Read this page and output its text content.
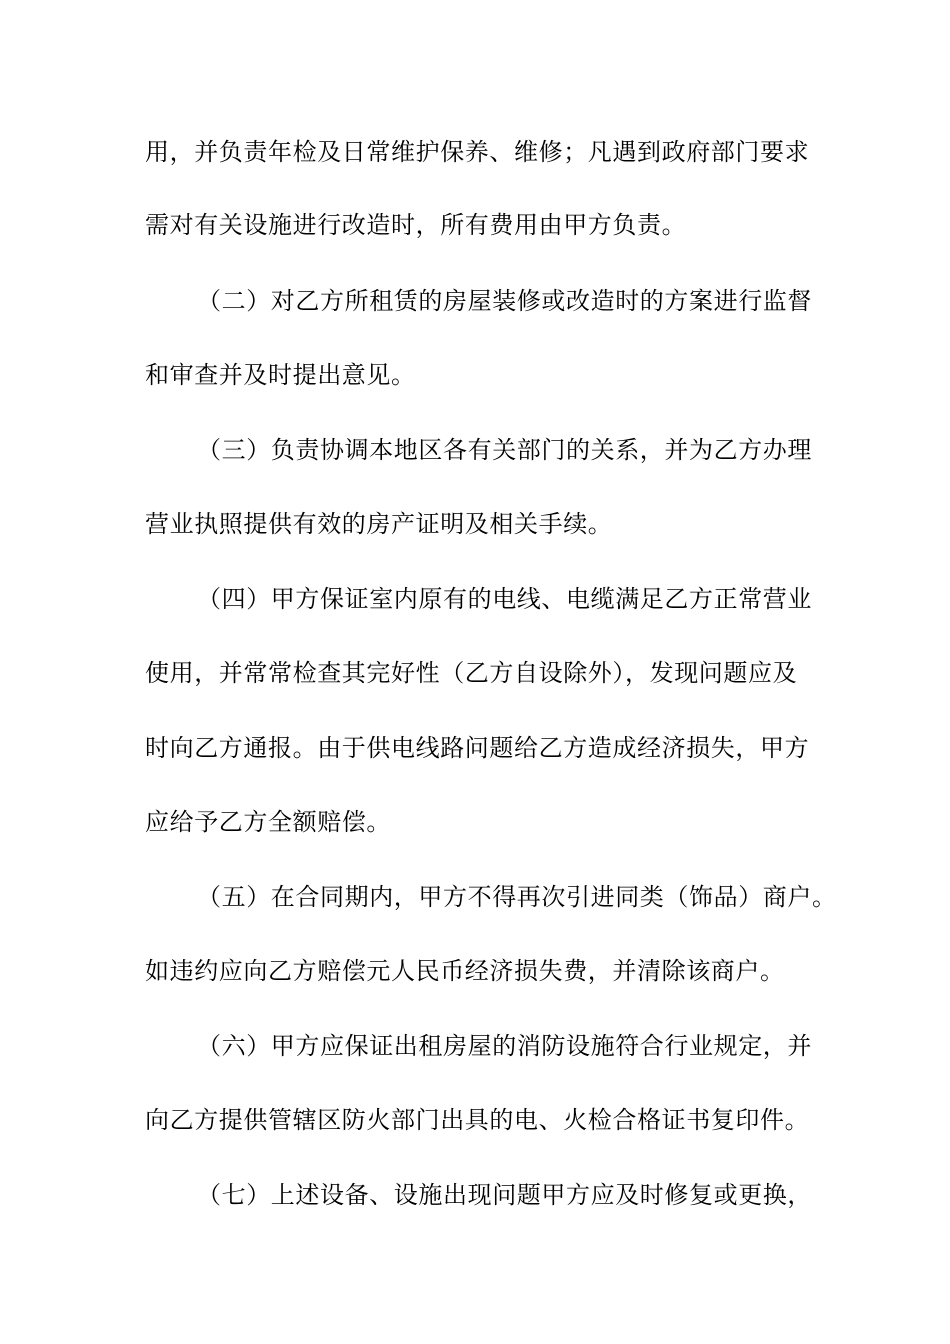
用，并负责年检及日常维护保养、维修；凡遇到政府部门要求
需对有关设施进行改造时，所有费用由甲方负责。
（二）对乙方所租赁的房屋装修或改造时的方案进行监督
和审查并及时提出意见。
（三）负责协调本地区各有关部门的关系，并为乙方办理
营业执照提供有效的房产证明及相关手续。
（四）甲方保证室内原有的电线、电缆满足乙方正常营业
使用，并常常检查其完好性（乙方自设除外），发现问题应及
时向乙方通报。由于供电线路问题给乙方造成经济损失，甲方
应给予乙方全额赔偿。
（五）在合同期内，甲方不得再次引进同类（饰品）商户。
如违约应向乙方赔偿元人民币经济损失费，并清除该商户。
（六）甲方应保证出租房屋的消防设施符合行业规定，并
向乙方提供管辖区防火部门出具的电、火检合格证书复印件。
（七）上述设备、设施出现问题甲方应及时修复或更换，
